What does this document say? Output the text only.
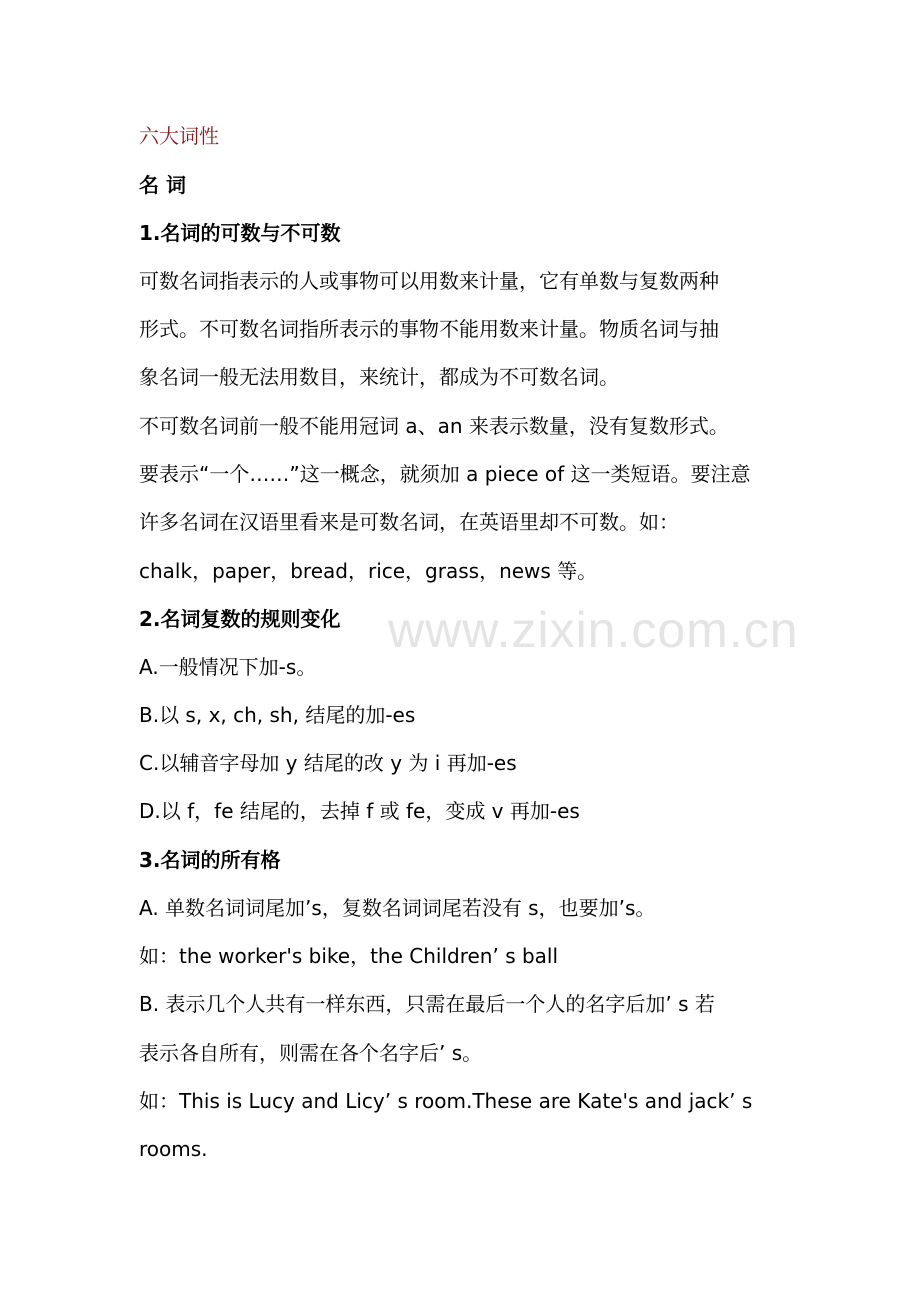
www.zixin.com.cn
六大词性
名 词
1.名词的可数与不可数
可数名词指表示的人或事物可以用数来计量，它有单数与复数两种
形式。不可数名词指所表示的事物不能用数来计量。物质名词与抽
象名词一般无法用数目，来统计，都成为不可数名词。
不可数名词前一般不能用冠词 a、an 来表示数量，没有复数形式。
要表示“一个……”这一概念，就须加 a piece of 这一类短语。要注意
许多名词在汉语里看来是可数名词，在英语里却不可数。如：
chalk，paper，bread，rice，grass，news 等。
2.名词复数的规则变化
A.一般情况下加-s。
B.以 s, x, ch, sh, 结尾的加-es
C.以辅音字母加 y 结尾的改 y 为 i 再加-es
D.以 f，fe 结尾的，去掉 f 或 fe，变成 v 再加-es
3.名词的所有格
A. 单数名词词尾加’s，复数名词词尾若没有 s，也要加’s。
如：the worker's bike，the Children’ s ball
B. 表示几个人共有一样东西，只需在最后一个人的名字后加’ s 若
表示各自所有，则需在各个名字后’ s。
如：This is Lucy and Licy’ s room.These are Kate's and jack’ s
rooms.
